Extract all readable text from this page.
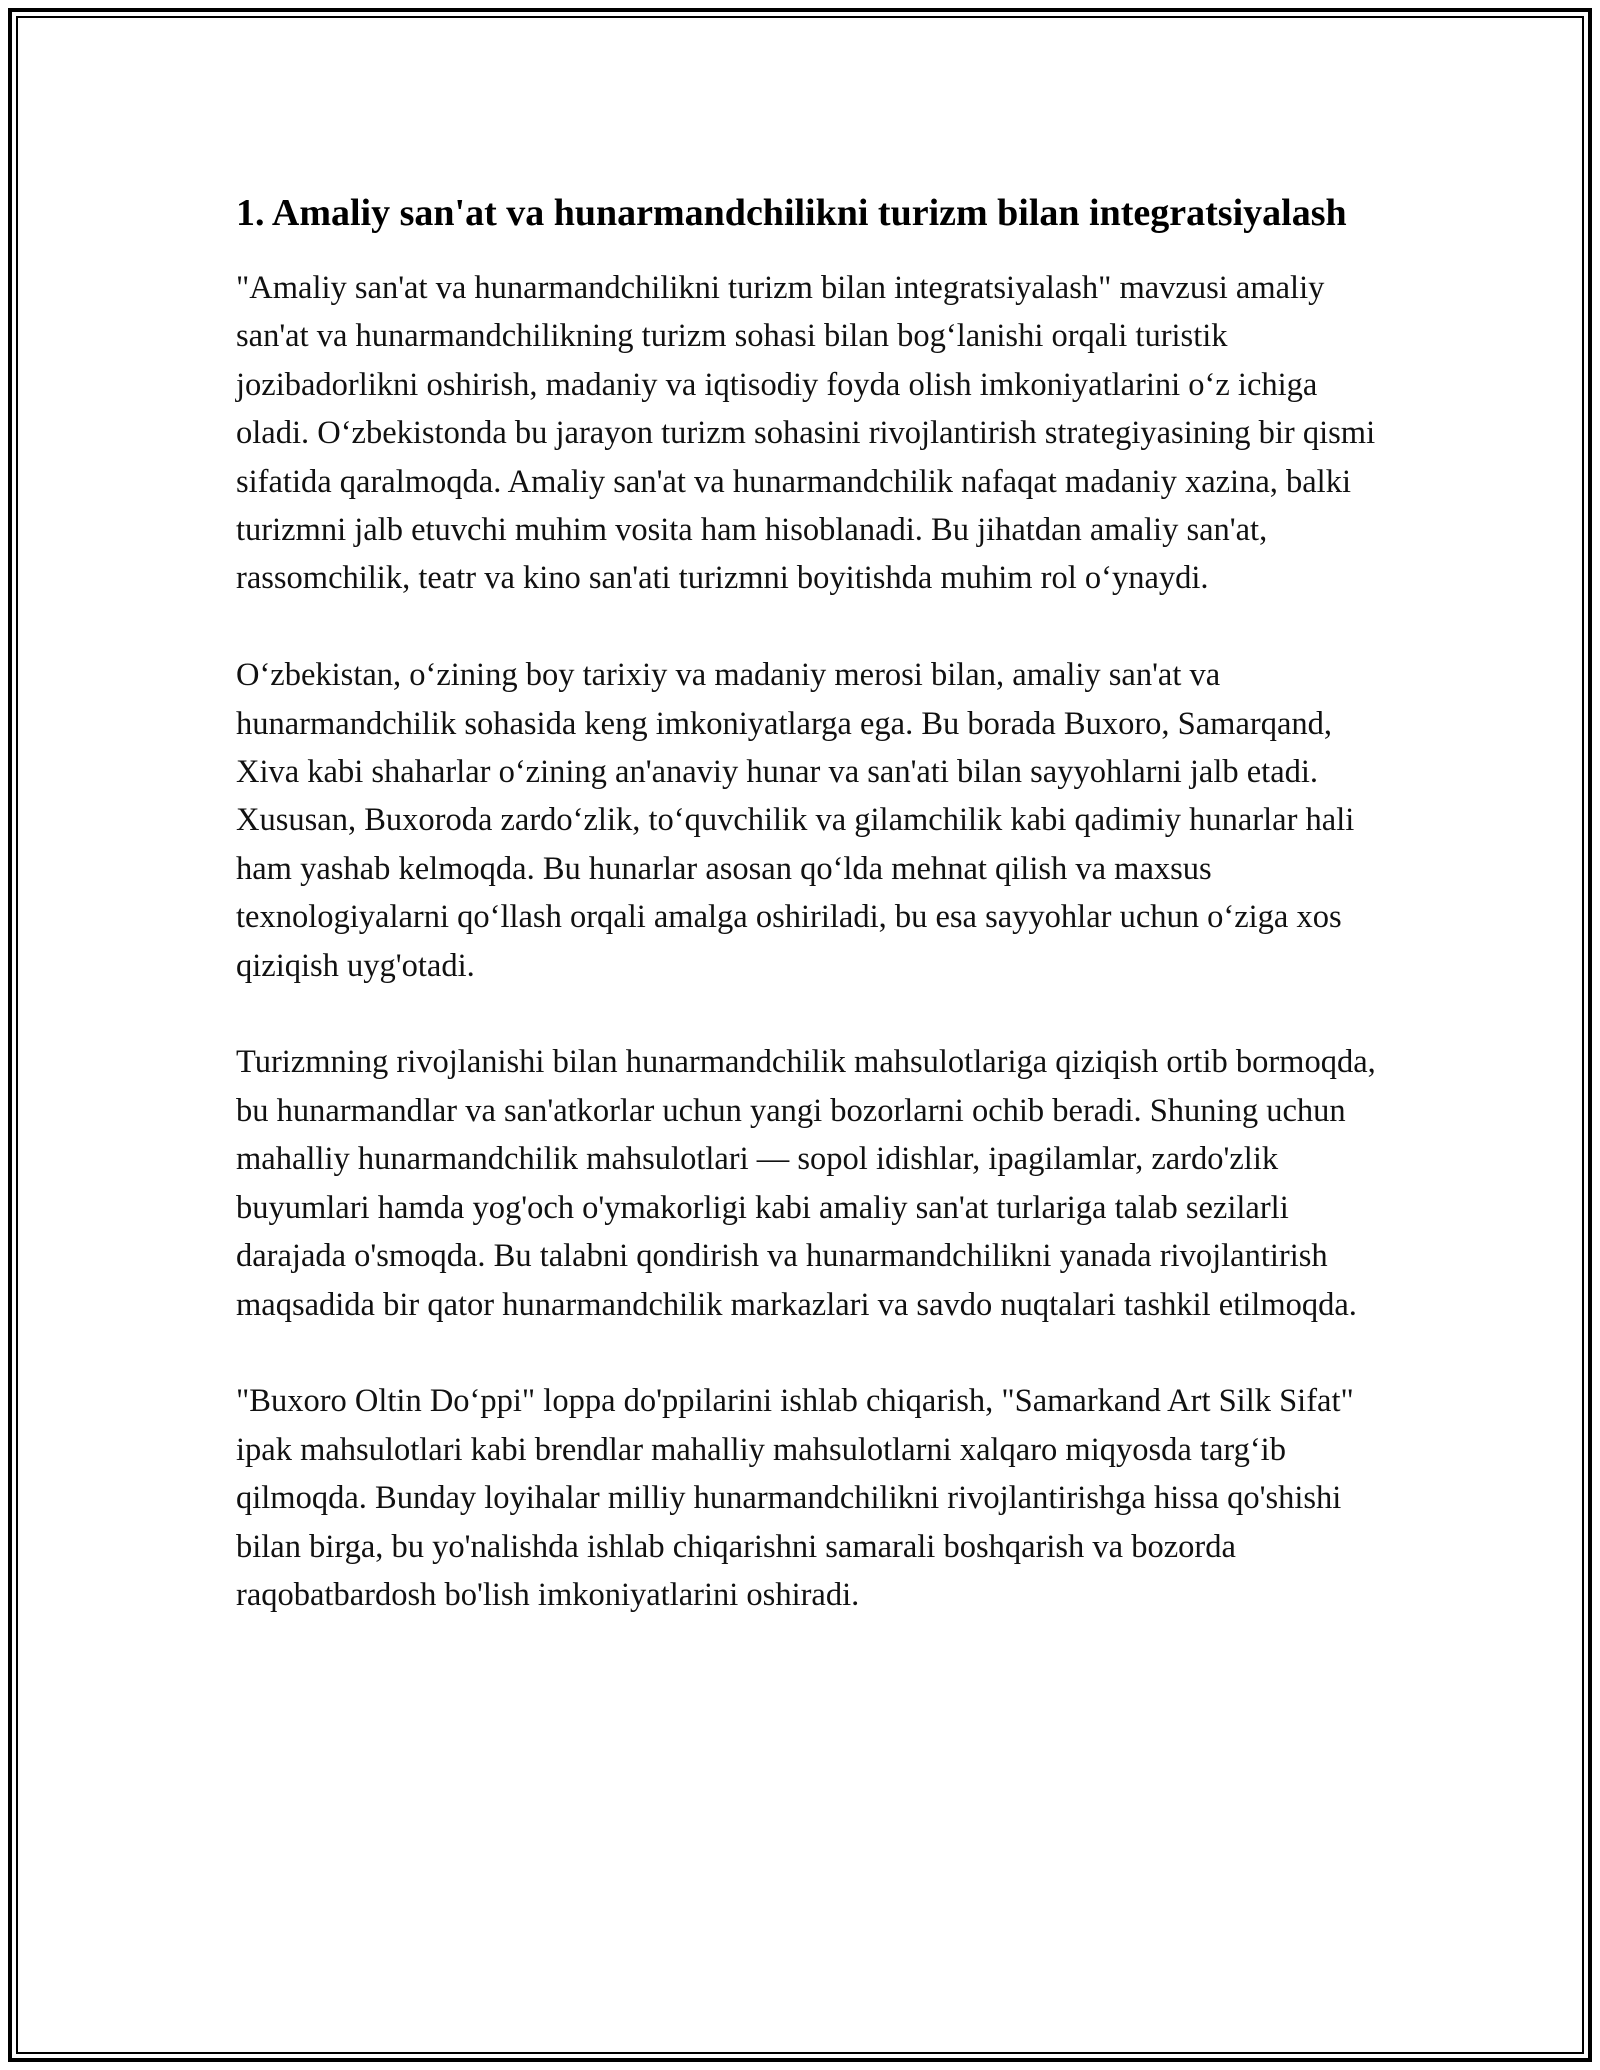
1. Amaliy san'at va hunarmandchilikni turizm bilan integratsiyalash

"Amaliy san'at va hunarmandchilikni turizm bilan integratsiyalash" mavzusi amaliy san'at va hunarmandchilikning turizm sohasi bilan bog‘lanishi orqali turistik jozibadorlikni oshirish, madaniy va iqtisodiy foyda olish imkoniyatlarini o‘z ichiga oladi. O‘zbekistonda bu jarayon turizm sohasini rivojlantirish strategiyasining bir qismi sifatida qaralmoqda. Amaliy san'at va hunarmandchilik nafaqat madaniy xazina, balki turizmni jalb etuvchi muhim vosita ham hisoblanadi. Bu jihatdan amaliy san'at, rassomchilik, teatr va kino san'ati turizmni boyitishda muhim rol o‘ynaydi.

O‘zbekistan, o‘zining boy tarixiy va madaniy merosi bilan, amaliy san'at va hunarmandchilik sohasida keng imkoniyatlarga ega. Bu borada Buxoro, Samarqand, Xiva kabi shaharlar o‘zining an'anaviy hunar va san'ati bilan sayyohlarni jalb etadi. Xususan, Buxoroda zardo‘zlik, to‘quvchilik va gilamchilik kabi qadimiy hunarlar hali ham yashab kelmoqda. Bu hunarlar asosan qo‘lda mehnat qilish va maxsus texnologiyalarni qo‘llash orqali amalga oshiriladi, bu esa sayyohlar uchun o‘ziga xos qiziqish uyg'otadi.

Turizmning rivojlanishi bilan hunarmandchilik mahsulotlariga qiziqish ortib bormoqda, bu hunarmandlar va san'atkorlar uchun yangi bozorlarni ochib beradi. Shuning uchun mahalliy hunarmandchilik mahsulotlari — sopol idishlar, ipagilamlar, zardo'zlik buyumlari hamda yog'och o'ymakorligi kabi amaliy san'at turlariga talab sezilarli darajada o'smoqda. Bu talabni qondirish va hunarmandchilikni yanada rivojlantirish maqsadida bir qator hunarmandchilik markazlari va savdo nuqtalari tashkil etilmoqda.

"Buxoro Oltin Do‘ppi" loppa do'ppilarini ishlab chiqarish, "Samarkand Art Silk Sifat" ipak mahsulotlari kabi brendlar mahalliy mahsulotlarni xalqaro miqyosda targ‘ib qilmoqda. Bunday loyihalar milliy hunarmandchilikni rivojlantirishga hissa qo'shishi bilan birga, bu yo'nalishda ishlab chiqarishni samarali boshqarish va bozorda raqobatbardosh bo'lish imkoniyatlarini oshiradi.
